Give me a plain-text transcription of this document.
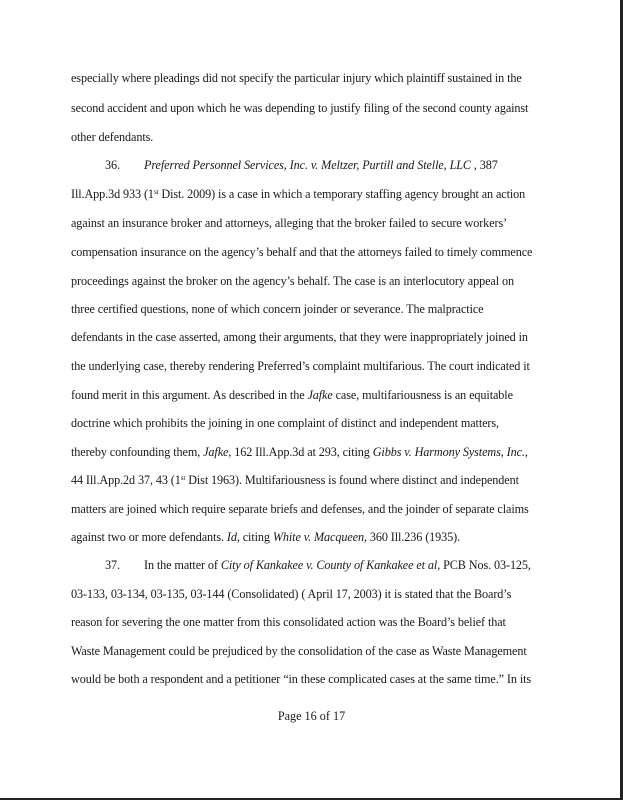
especially where pleadings did not specify the particular injury which plaintiff sustained in the
second accident and upon which he was depending to justify filing of the second county against
other defendants.
36. Preferred Personnel Services, Inc. v. Meltzer, Purtill and Stelle, LLC , 387
Ill.App.3d 933 (1st Dist. 2009) is a case in which a temporary staffing agency brought an action
against an insurance broker and attorneys, alleging that the broker failed to secure workers’
compensation insurance on the agency’s behalf and that the attorneys failed to timely commence
proceedings against the broker on the agency’s behalf. The case is an interlocutory appeal on
three certified questions, none of which concern joinder or severance. The malpractice
defendants in the case asserted, among their arguments, that they were inappropriately joined in
the underlying case, thereby rendering Preferred’s complaint multifarious. The court indicated it
found merit in this argument. As described in the Jafke case, multifariousness is an equitable
doctrine which prohibits the joining in one complaint of distinct and independent matters,
thereby confounding them, Jafke, 162 Ill.App.3d at 293, citing Gibbs v. Harmony Systems, Inc.,
44 Ill.App.2d 37, 43 (1st Dist 1963). Multifariousness is found where distinct and independent
matters are joined which require separate briefs and defenses, and the joinder of separate claims
against two or more defendants. Id, citing White v. Macqueen, 360 Ill.236 (1935).
37. In the matter of City of Kankakee v. County of Kankakee et al, PCB Nos. 03-125,
03-133, 03-134, 03-135, 03-144 (Consolidated) ( April 17, 2003) it is stated that the Board’s
reason for severing the one matter from this consolidated action was the Board’s belief that
Waste Management could be prejudiced by the consolidation of the case as Waste Management
would be both a respondent and a petitioner “in these complicated cases at the same time.” In its
Page 16 of 17
